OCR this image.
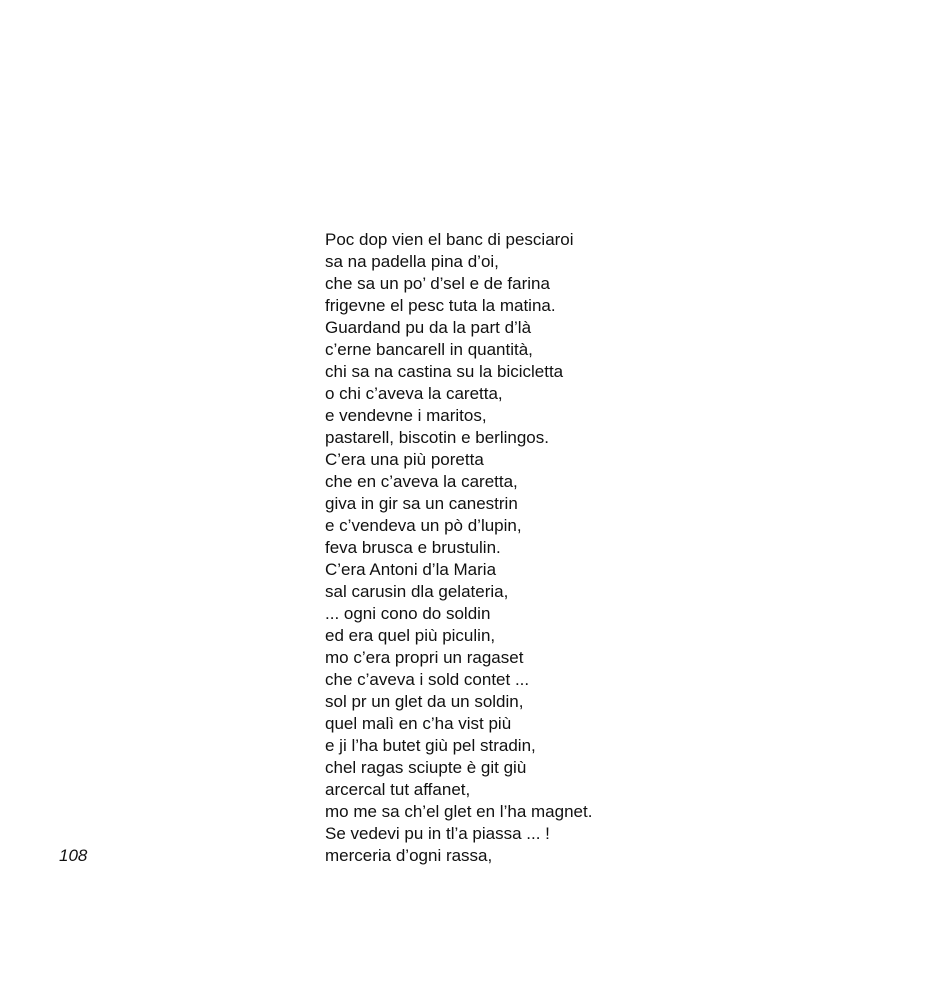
Poc dop vien el banc di pesciaroi
sa na padella pina d’oi,
che sa un po’ d’sel e de farina
frigevne el pesc tuta la matina.
Guardand pu da la part d’là
c’erne bancarell in quantità,
chi sa na castina su la bicicletta
o chi c’aveva la caretta,
e vendevne i maritos,
pastarell, biscotin e berlingos.
C’era una più poretta
che en c’aveva la caretta,
giva in gir sa un canestrin
e c’vendeva un pò d’lupin,
feva brusca e brustulin.
C’era Antoni d’la Maria
sal carusin dla gelateria,
... ogni cono do soldin
ed era quel più piculin,
mo c’era propri un ragaset
che c’aveva i sold contet ...
sol pr un glet da un soldin,
quel malì en c’ha vist più
e ji l’ha butet giù pel stradin,
chel ragas sciupte è git giù
arcercal tut affanet,
mo me sa ch’el glet en l’ha magnet.
Se vedevi pu in tl’a piassa ... !
merceria d’ogni rassa,
108
